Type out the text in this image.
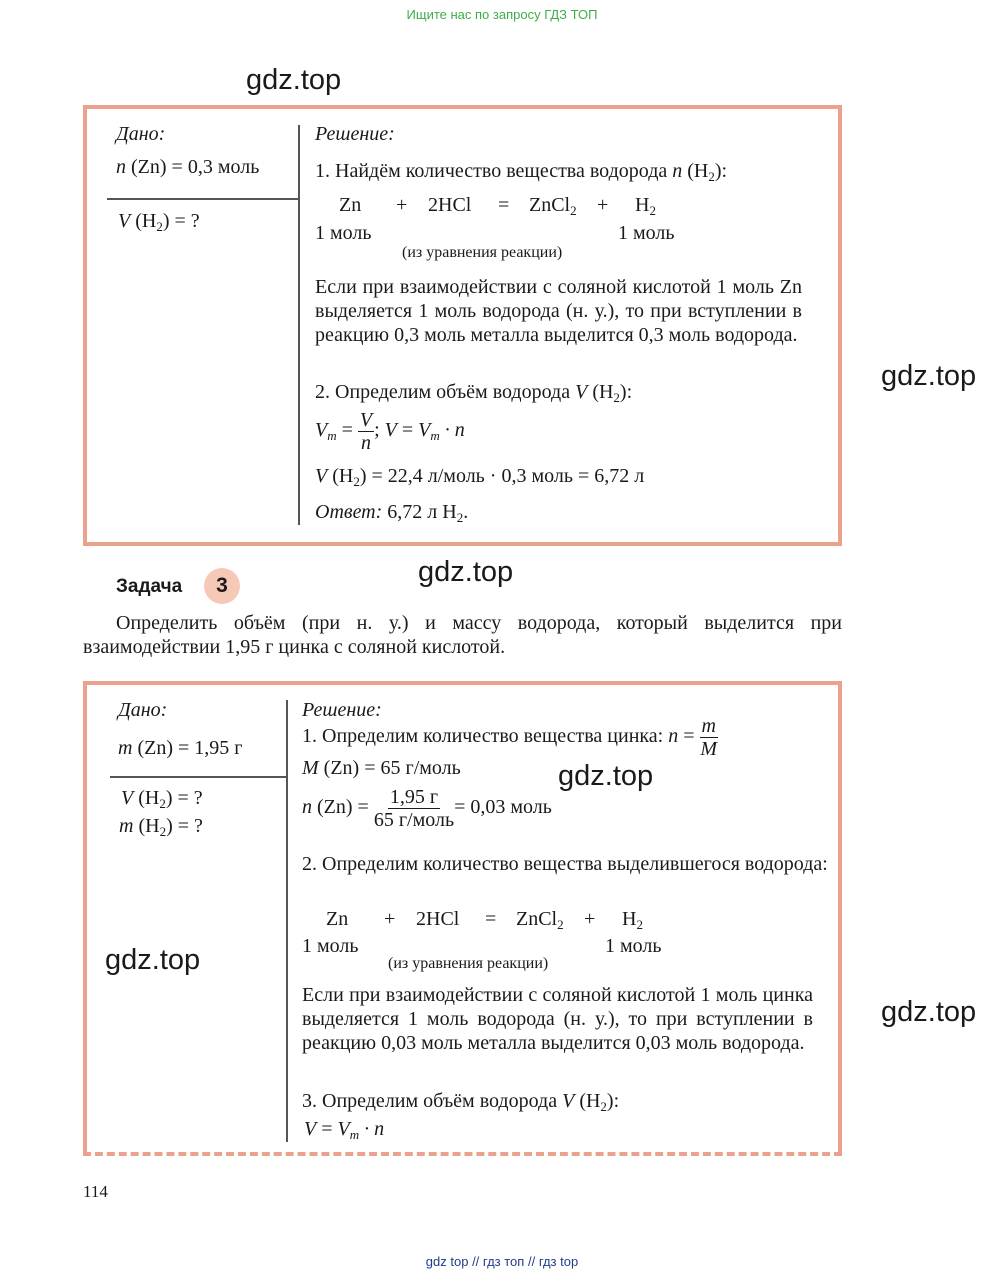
Ищите нас по запросу ГДЗ ТОП
gdz.top
gdz.top
gdz.top
gdz.top
gdz.top
gdz.top
Дано:
n (Zn) = 0,3 моль
V $(H_2)$ = ?
Решение:
1. Найдём количество вещества водорода n $(H_2)$:
Zn + 2HCl = ZnCl$_2$ + $H_2$
1 моль
(из уравнения реакции)
1 моль
Если при взаимодействии с соляной кислотой 1 моль Zn выделяется 1 моль водорода (н. у.), то при вступлении в реакцию 0,3 моль металла выделится 0,3 моль водорода.
2. Определим объём водорода V $(H_2)$:
$V_m = \frac{V}{n}$ ; $V = V_m \cdot n$
V $(H_2) = 22,4$ л/моль · 0,3 моль = 6,72 л
Ответ: 6,72 л $H_2$.
Задача 3
Определить объём (при н. у.) и массу водорода, который выделится при взаимодействии 1,95 г цинка с соляной кислотой.
Дано:
m (Zn) = 1,95 г
V $(H_2)$ = ?
m $(H_2)$ = ?
Решение:
1. Определим количество вещества цинка: $n = \frac{m}{M}$
M (Zn) = 65 г/моль
n $(Zn) = \frac{1,95 г}{\text{65 г/моль}} = 0,03$ моль
2. Определим количество вещества выделившегося водорода:
Zn + 2HCl = ZnCl$_2$ + $H_2$
1 моль
(из уравнения реакции)
1 моль
Если при взаимодействии с соляной кислотой 1 моль цинка выделяется 1 моль водорода (н. у.), то при вступлении в реакцию 0,03 моль металла выделится 0,03 моль водорода.
3. Определим объём водорода V $(H_2)$:
$V = V_m \cdot n$
114
gdz top // гдз топ // гдз top
